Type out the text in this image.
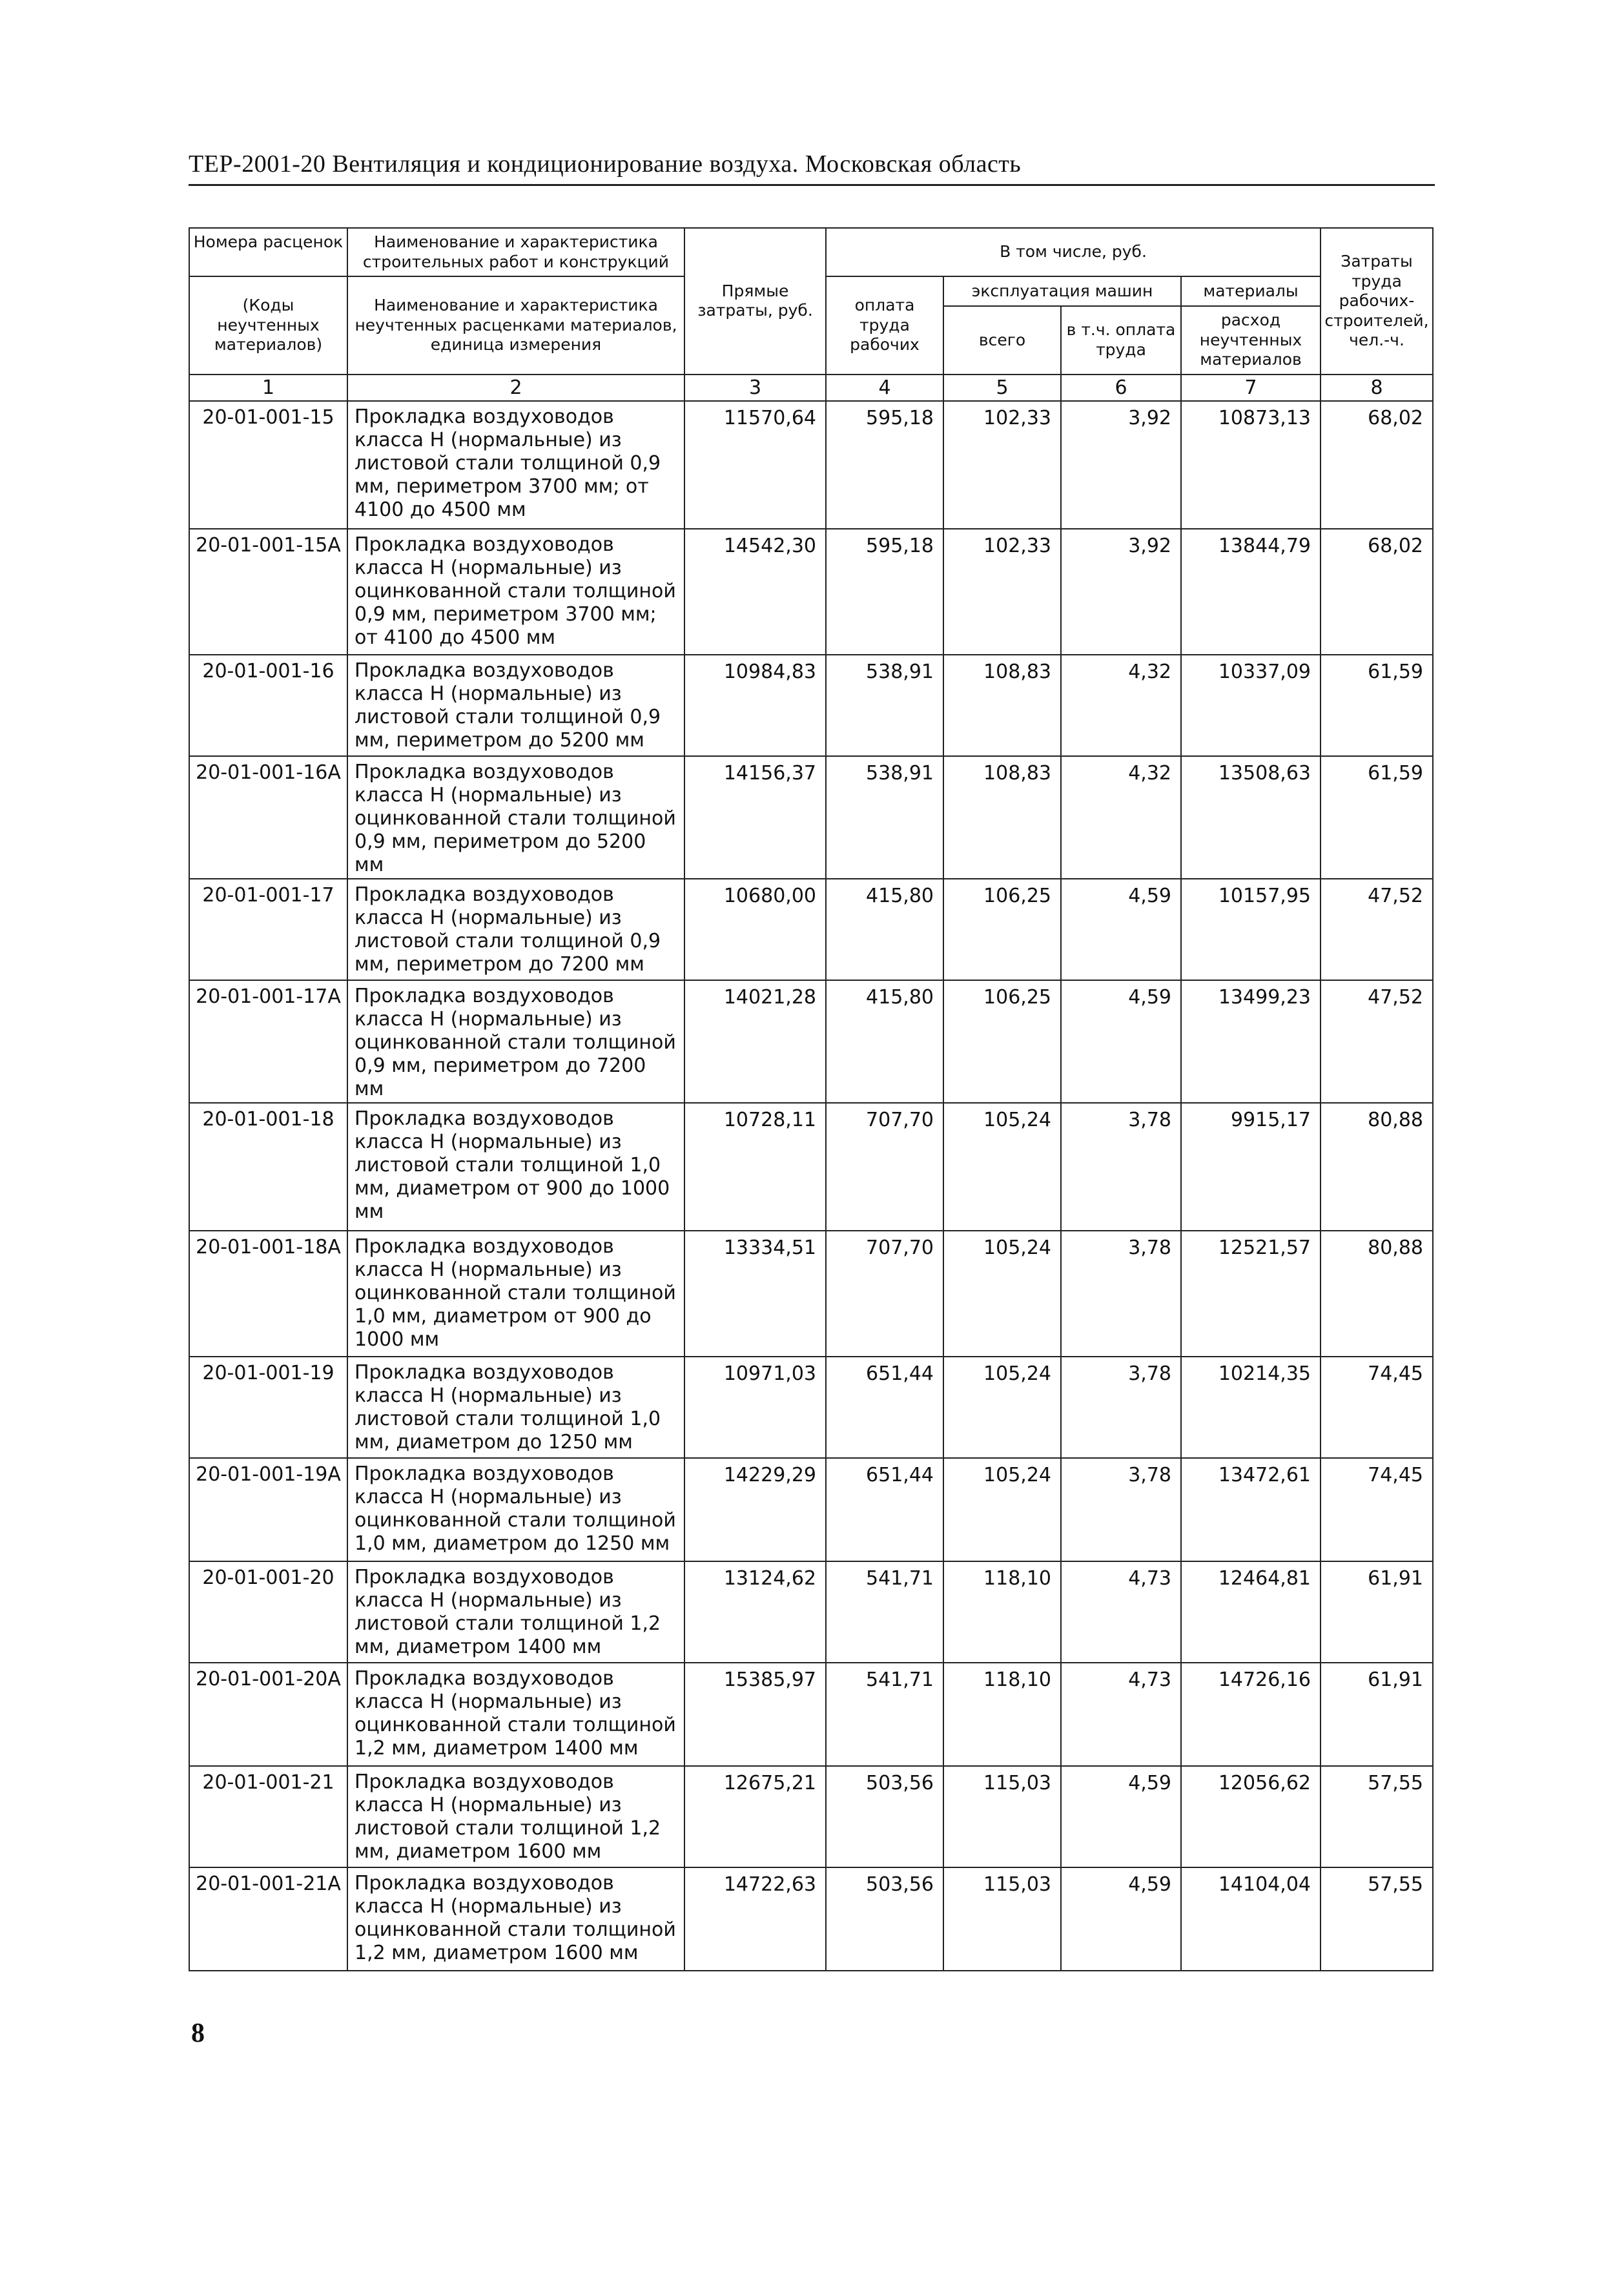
ТЕР-2001-20 Вентиляция и кондиционирование воздуха. Московская область
Номера расценок	Наименование и характеристика строительных работ и конструкций	Прямые затраты, руб.	В том числе, руб.				Затраты труда рабочих-строителей, чел.-ч.
(Коды неучтенных материалов)	Наименование и характеристика неучтенных расценками материалов, единица измерения		оплата труда рабочих	эксплуатация машин		материалы	
				всего	в т.ч. оплата труда	расход неучтенных материалов	

1	2	3	4	5	6	7	8
20-01-001-15	Прокладка воздуховодов класса Н (нормальные) из листовой стали толщиной 0,9 мм, периметром 3700 мм; от 4100 до 4500 мм	11570,64	595,18	102,33	3,92	10873,13	68,02
20-01-001-15А	Прокладка воздуховодов класса Н (нормальные) из оцинкованной стали толщиной 0,9 мм, периметром 3700 мм; от 4100 до 4500 мм	14542,30	595,18	102,33	3,92	13844,79	68,02
20-01-001-16	Прокладка воздуховодов класса Н (нормальные) из листовой стали толщиной 0,9 мм, периметром до 5200 мм	10984,83	538,91	108,83	4,32	10337,09	61,59
20-01-001-16А	Прокладка воздуховодов класса Н (нормальные) из оцинкованной стали толщиной 0,9 мм, периметром до 5200 мм	14156,37	538,91	108,83	4,32	13508,63	61,59
20-01-001-17	Прокладка воздуховодов класса Н (нормальные) из листовой стали толщиной 0,9 мм, периметром до 7200 мм	10680,00	415,80	106,25	4,59	10157,95	47,52
20-01-001-17А	Прокладка воздуховодов класса Н (нормальные) из оцинкованной стали толщиной 0,9 мм, периметром до 7200 мм	14021,28	415,80	106,25	4,59	13499,23	47,52
20-01-001-18	Прокладка воздуховодов класса Н (нормальные) из листовой стали толщиной 1,0 мм, диаметром от 900 до 1000 мм	10728,11	707,70	105,24	3,78	9915,17	80,88
20-01-001-18А	Прокладка воздуховодов класса Н (нормальные) из оцинкованной стали толщиной 1,0 мм, диаметром от 900 до 1000 мм	13334,51	707,70	105,24	3,78	12521,57	80,88
20-01-001-19	Прокладка воздуховодов класса Н (нормальные) из листовой стали толщиной 1,0 мм, диаметром до 1250 мм	10971,03	651,44	105,24	3,78	10214,35	74,45
20-01-001-19А	Прокладка воздуховодов класса Н (нормальные) из оцинкованной стали толщиной 1,0 мм, диаметром до 1250 мм	14229,29	651,44	105,24	3,78	13472,61	74,45
20-01-001-20	Прокладка воздуховодов класса Н (нормальные) из листовой стали толщиной 1,2 мм, диаметром 1400 мм	13124,62	541,71	118,10	4,73	12464,81	61,91
20-01-001-20А	Прокладка воздуховодов класса Н (нормальные) из оцинкованной стали толщиной 1,2 мм, диаметром 1400 мм	15385,97	541,71	118,10	4,73	14726,16	61,91
20-01-001-21	Прокладка воздуховодов класса Н (нормальные) из листовой стали толщиной 1,2 мм, диаметром 1600 мм	12675,21	503,56	115,03	4,59	12056,62	57,55
20-01-001-21А	Прокладка воздуховодов класса Н (нормальные) из оцинкованной стали толщиной 1,2 мм, диаметром 1600 мм	14722,63	503,56	115,03	4,59	14104,04	57,55
8
